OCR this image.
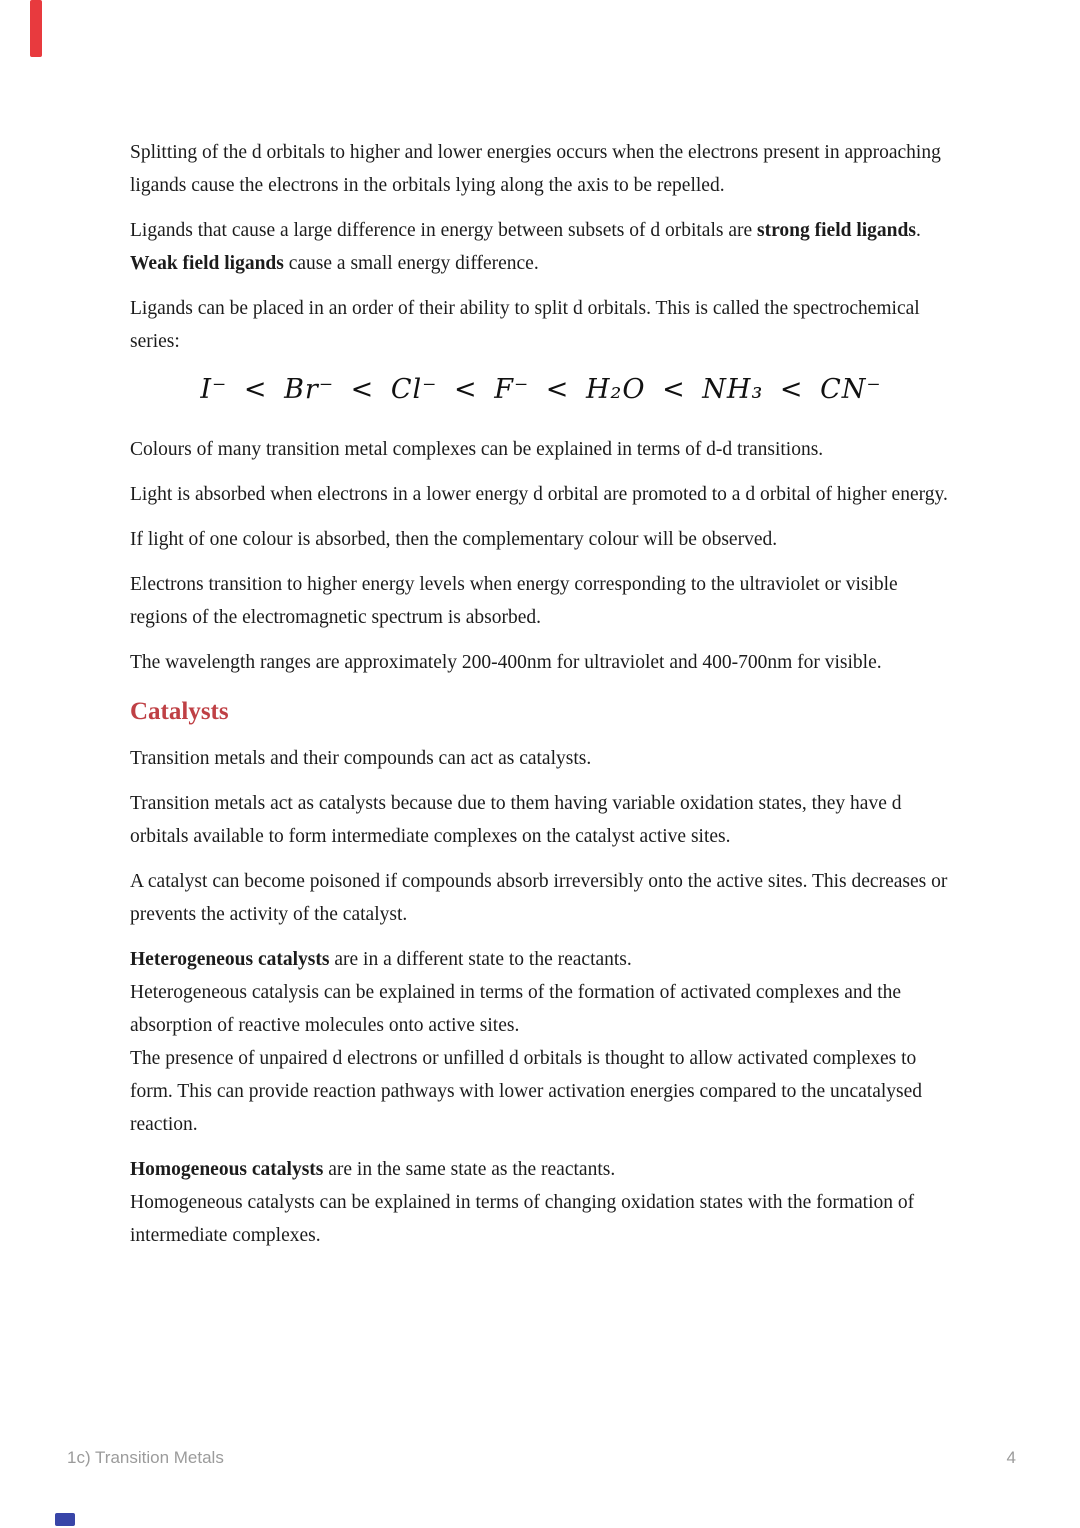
Splitting of the d orbitals to higher and lower energies occurs when the electrons present in approaching ligands cause the electrons in the orbitals lying along the axis to be repelled.

Ligands that cause a large difference in energy between subsets of d orbitals are strong field ligands. Weak field ligands cause a small energy difference.

Ligands can be placed in an order of their ability to split d orbitals. This is called the spectrochemical series:

I⁻ < Br⁻ < Cl⁻ < F⁻ < H₂O < NH₃ < CN⁻

Colours of many transition metal complexes can be explained in terms of d-d transitions.

Light is absorbed when electrons in a lower energy d orbital are promoted to a d orbital of higher energy.

If light of one colour is absorbed, then the complementary colour will be observed.

Electrons transition to higher energy levels when energy corresponding to the ultraviolet or visible regions of the electromagnetic spectrum is absorbed.

The wavelength ranges are approximately 200-400nm for ultraviolet and 400-700nm for visible.

Catalysts

Transition metals and their compounds can act as catalysts.

Transition metals act as catalysts because due to them having variable oxidation states, they have d orbitals available to form intermediate complexes on the catalyst active sites.

A catalyst can become poisoned if compounds absorb irreversibly onto the active sites. This decreases or prevents the activity of the catalyst.

Heterogeneous catalysts are in a different state to the reactants.
Heterogeneous catalysis can be explained in terms of the formation of activated complexes and the absorption of reactive molecules onto active sites.
The presence of unpaired d electrons or unfilled d orbitals is thought to allow activated complexes to form. This can provide reaction pathways with lower activation energies compared to the uncatalysed reaction.
Homogeneous catalysts are in the same state as the reactants.
Homogeneous catalysts can be explained in terms of changing oxidation states with the formation of intermediate complexes.
1c) Transition Metals	4
